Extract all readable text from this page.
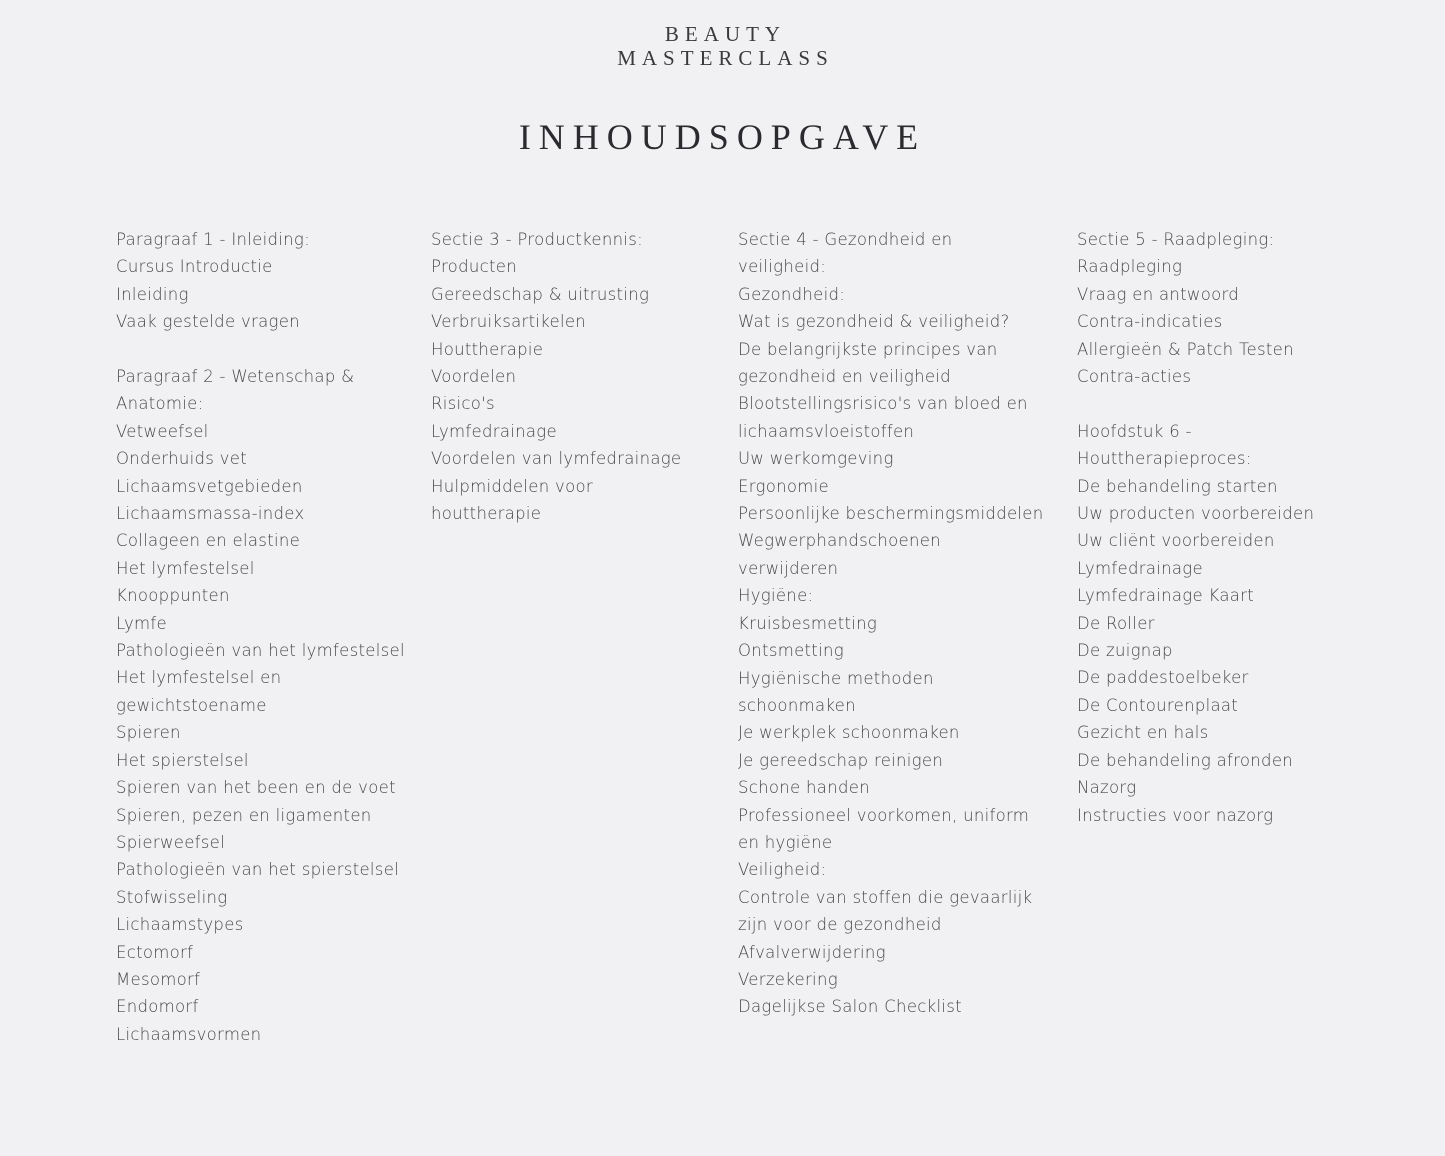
BEAUTY
MASTERCLASS
INHOUDSOPGAVE
Paragraaf 1 - Inleiding:
Cursus Introductie
Inleiding
Vaak gestelde vragen
Paragraaf 2 - Wetenschap &
Anatomie:
Vetweefsel
Onderhuids vet
Lichaamsvetgebieden
Lichaamsmassa-index
Collageen en elastine
Het lymfestelsel
Knooppunten
Lymfe
Pathologieën van het lymfestelsel
Het lymfestelsel en
gewichtstoename
Spieren
Het spierstelsel
Spieren van het been en de voet
Spieren, pezen en ligamenten
Spierweefsel
Pathologieën van het spierstelsel
Stofwisseling
Lichaamstypes
Ectomorf
Mesomorf
Endomorf
Lichaamsvormen
Sectie 3 - Productkennis:
Producten
Gereedschap & uitrusting
Verbruiksartikelen
Houttherapie
Voordelen
Risico's
Lymfedrainage
Voordelen van lymfedrainage
Hulpmiddelen voor
houttherapie
Sectie 4 - Gezondheid en
veiligheid:
Gezondheid:
Wat is gezondheid & veiligheid?
De belangrijkste principes van
gezondheid en veiligheid
Blootstellingsrisico's van bloed en
lichaamsvloeistoffen
Uw werkomgeving
Ergonomie
Persoonlijke beschermingsmiddelen
Wegwerphandschoenen
verwijderen
Hygiëne:
Kruisbesmetting
Ontsmetting
Hygiënische methoden
schoonmaken
Je werkplek schoonmaken
Je gereedschap reinigen
Schone handen
Professioneel voorkomen, uniform
en hygiëne
Veiligheid:
Controle van stoffen die gevaarlijk
zijn voor de gezondheid
Afvalverwijdering
Verzekering
Dagelijkse Salon Checklist
Sectie 5 - Raadpleging:
Raadpleging
Vraag en antwoord
Contra-indicaties
Allergieën & Patch Testen
Contra-acties
Hoofdstuk 6 -
Houttherapieproces:
De behandeling starten
Uw producten voorbereiden
Uw cliënt voorbereiden
Lymfedrainage
Lymfedrainage Kaart
De Roller
De zuignap
De paddestoelbeker
De Contourenplaat
Gezicht en hals
De behandeling afronden
Nazorg
Instructies voor nazorg
